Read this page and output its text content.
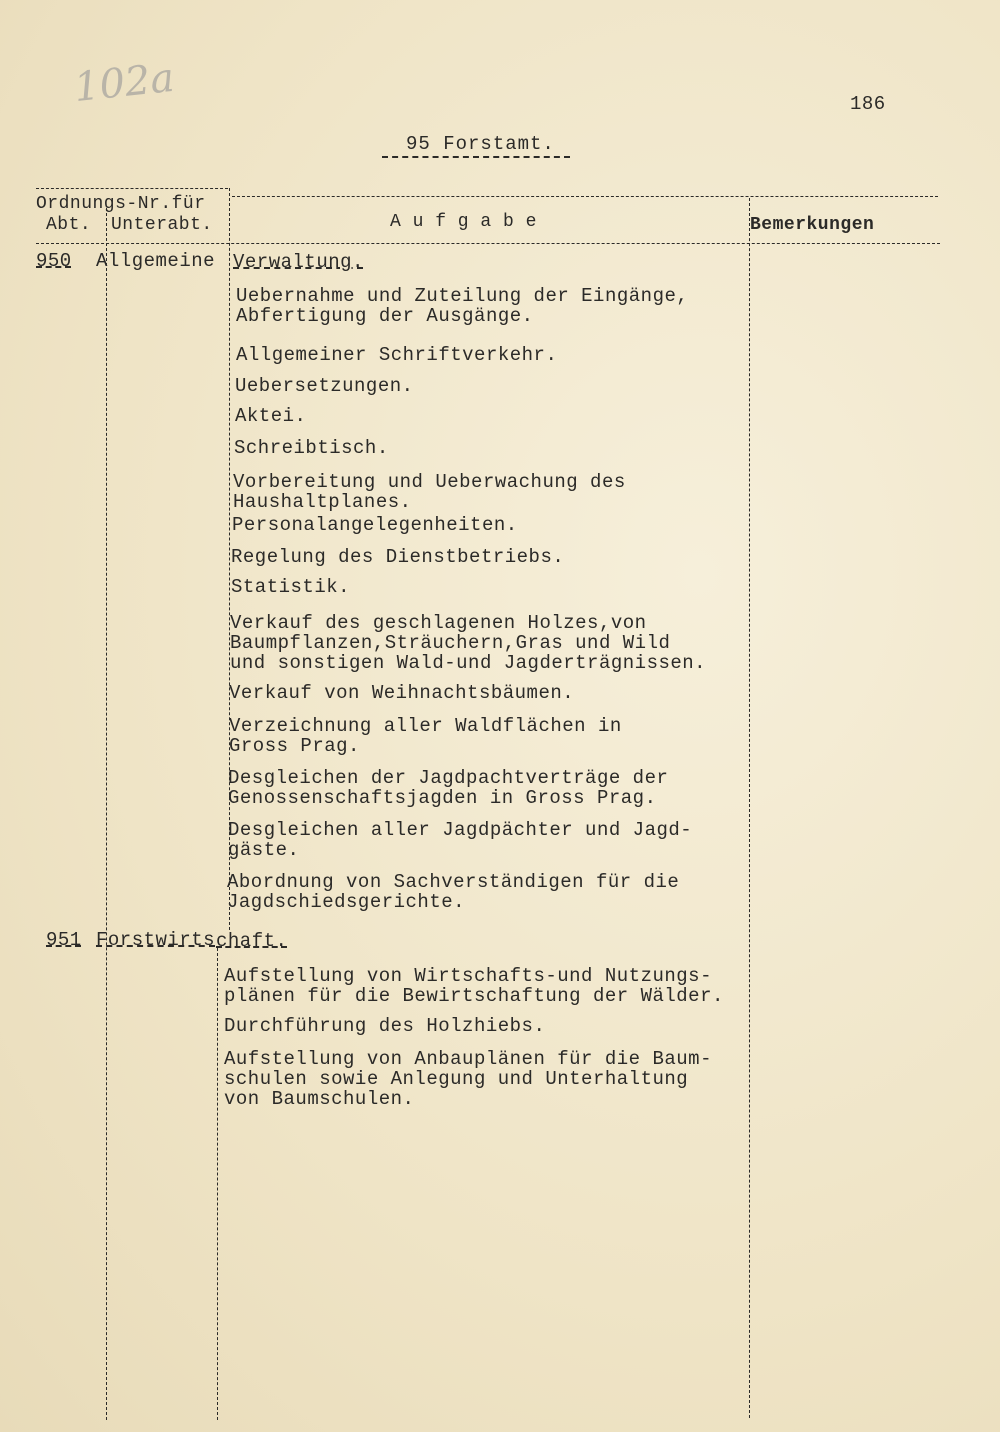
102a	186
95 Forstamt.
Ordnungs-Nr.für
Abt. Unterabt.	A u f g a b e	Bemerkungen
950 Allgemeine Verwaltung.
Uebernahme und Zuteilung der Eingänge,
Abfertigung der Ausgänge.
Allgemeiner Schriftverkehr.
Uebersetzungen.
Aktei.
Schreibtisch.
Vorbereitung und Ueberwachung des
Haushaltplanes.
Personalangelegenheiten.
Regelung des Dienstbetriebs.
Statistik.
Verkauf des geschlagenen Holzes,von
Baumpflanzen,Sträuchern,Gras und Wild
und sonstigen Wald-und Jagderträgnissen.
Verkauf von Weihnachtsbäumen.
Verzeichnung aller Waldflächen in
Gross Prag.
Desgleichen der Jagdpachtverträge der
Genossenschaftsjagden in Gross Prag.
Desgleichen aller Jagdpächter und Jagd-
gäste.
Abordnung von Sachverständigen für die
Jagdschiedsgerichte.
951 Forstwirts chaft.
Aufstellung von Wirtschafts-und Nutzungs-
plänen für die Bewirtschaftung der Wälder.
Durchführung des Holzhiebs.
Aufstellung von Anbauplänen für die Baum-
schulen sowie Anlegung und Unterhaltung
von Baumschulen.
